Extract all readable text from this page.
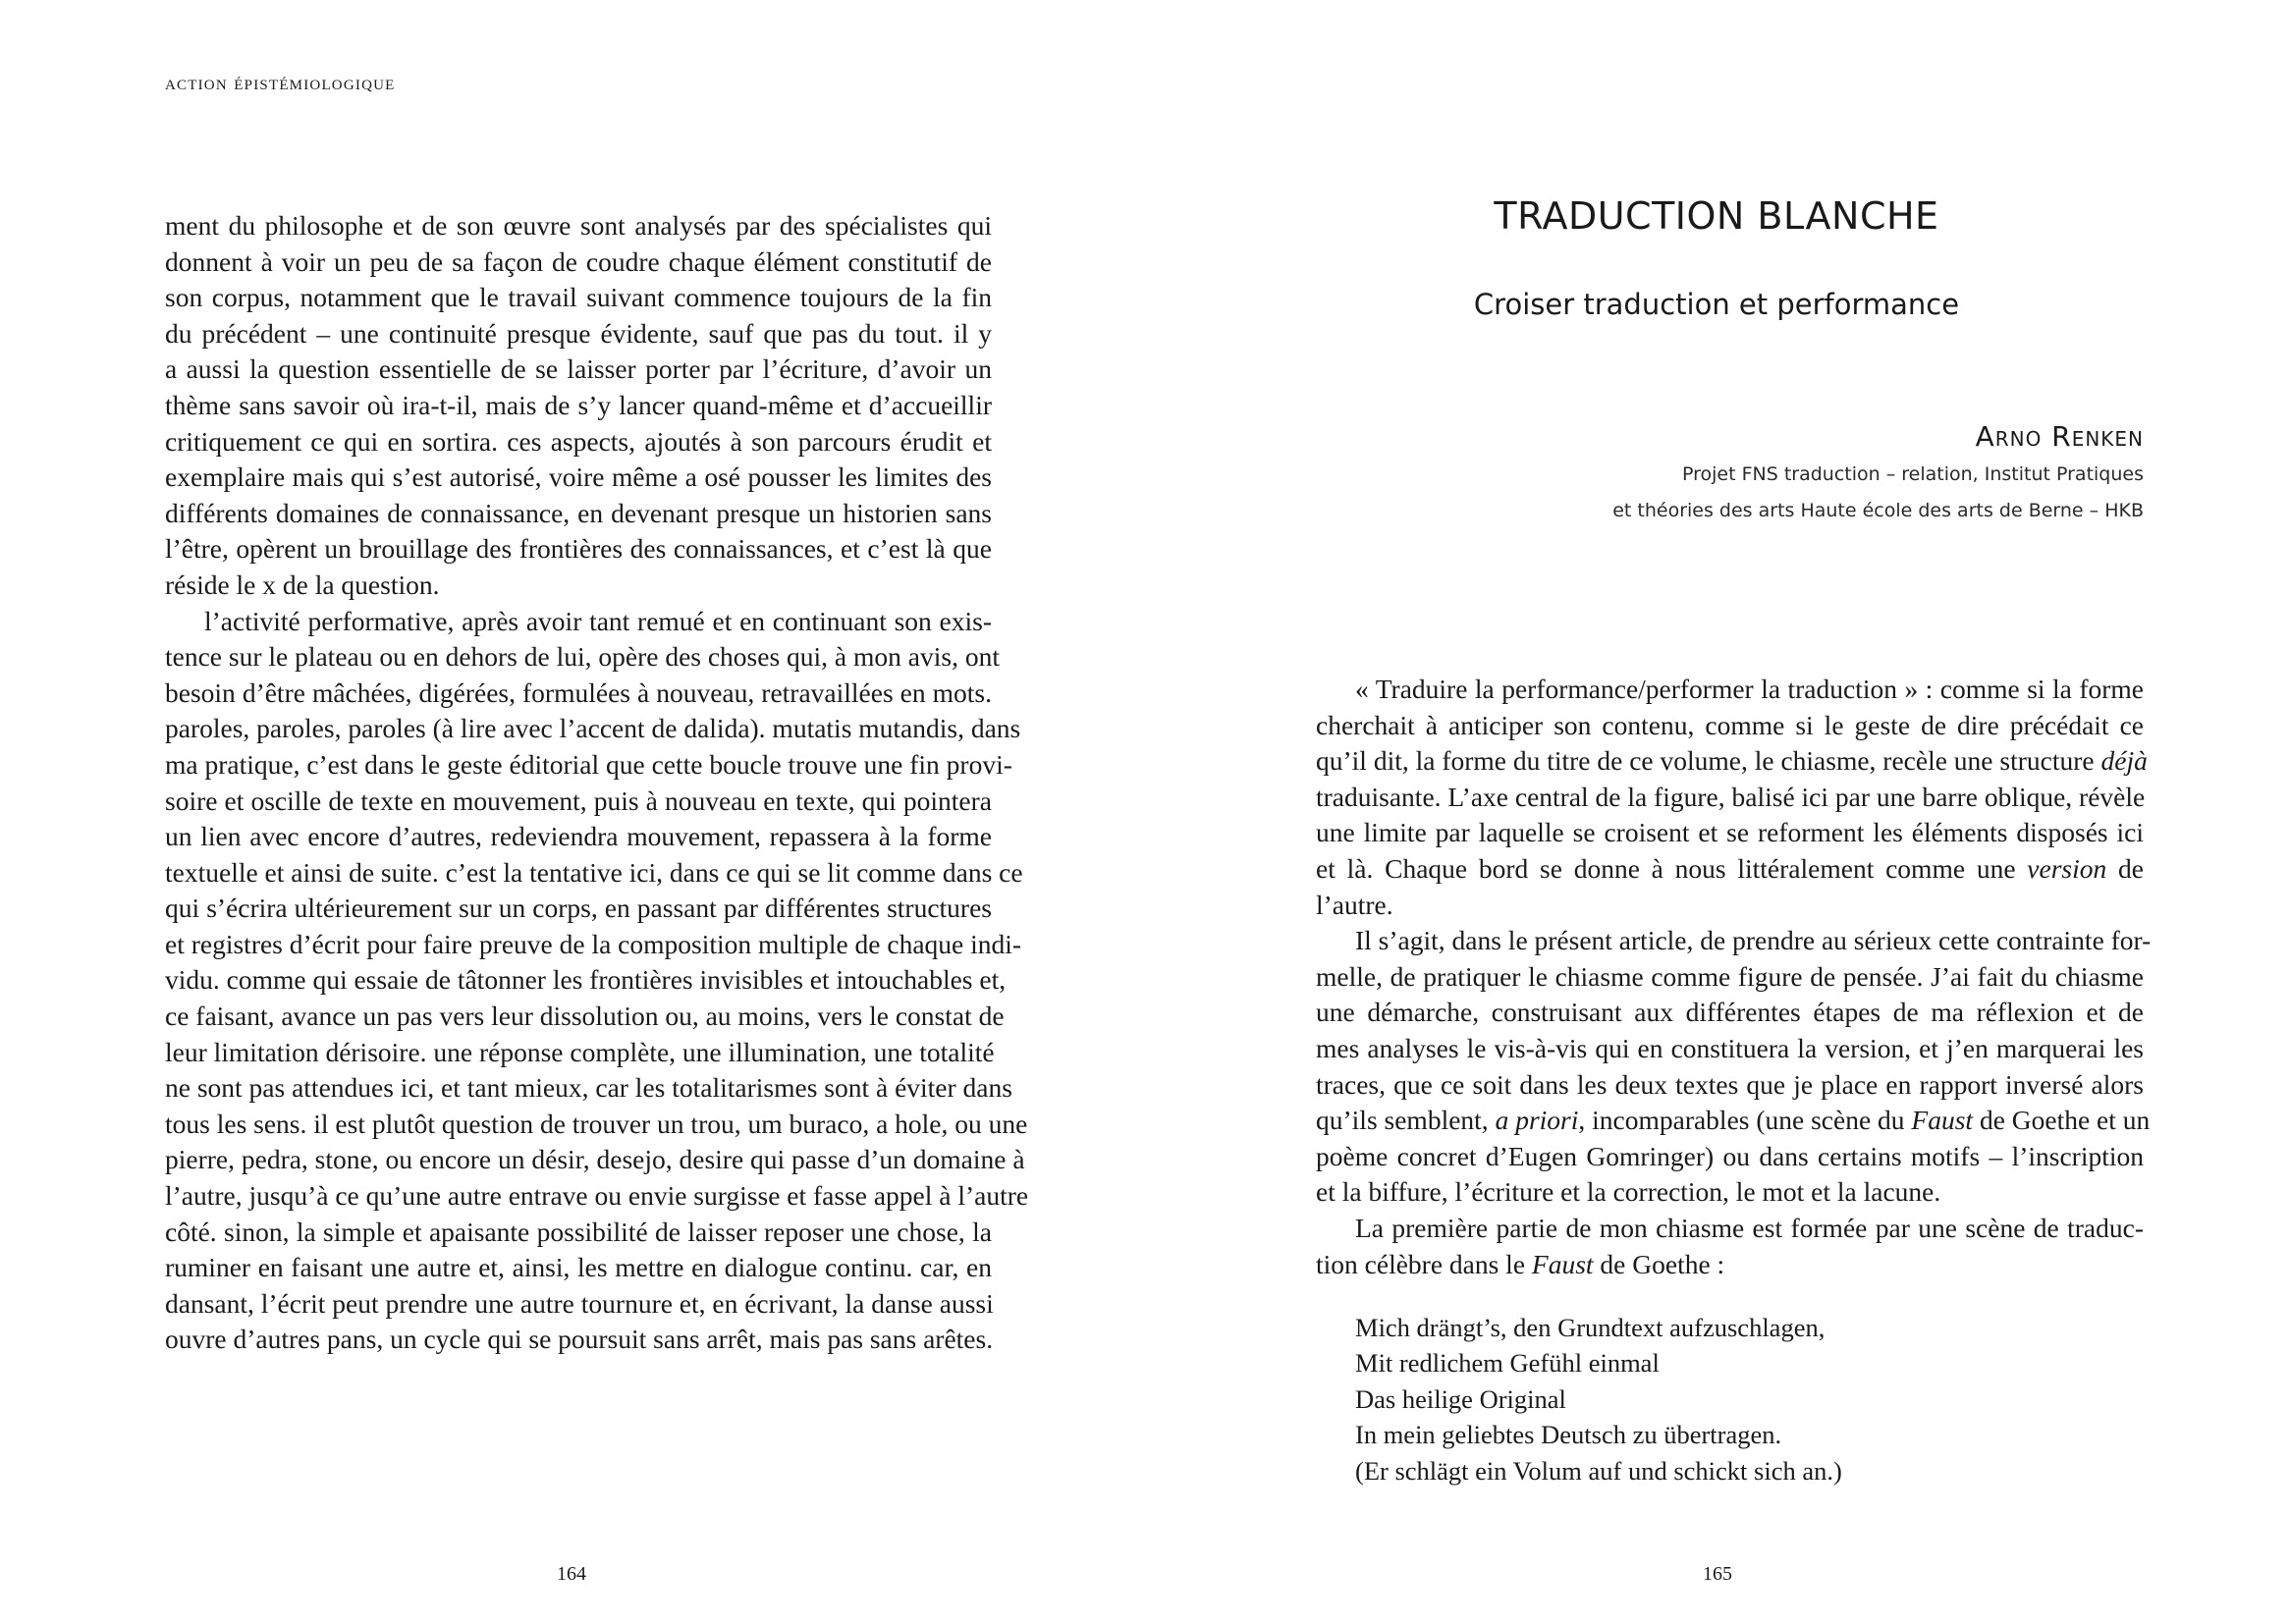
action épistémiologique
ment du philosophe et de son œuvre sont analysés par des spécialistes qui
donnent à voir un peu de sa façon de coudre chaque élément constitutif de
son corpus, notamment que le travail suivant commence toujours de la fin
du précédent – une continuité presque évidente, sauf que pas du tout. il y
a aussi la question essentielle de se laisser porter par l’écriture, d’avoir un
thème sans savoir où ira-t-il, mais de s’y lancer quand-même et d’accueillir
critiquement ce qui en sortira. ces aspects, ajoutés à son parcours érudit et
exemplaire mais qui s’est autorisé, voire même a osé pousser les limites des
différents domaines de connaissance, en devenant presque un historien sans
l’être, opèrent un brouillage des frontières des connaissances, et c’est là que
réside le x de la question.
l’activité performative, après avoir tant remué et en continuant son exis-
tence sur le plateau ou en dehors de lui, opère des choses qui, à mon avis, ont
besoin d’être mâchées, digérées, formulées à nouveau, retravaillées en mots.
paroles, paroles, paroles (à lire avec l’accent de dalida). mutatis mutandis, dans
ma pratique, c’est dans le geste éditorial que cette boucle trouve une fin provi-
soire et oscille de texte en mouvement, puis à nouveau en texte, qui pointera
un lien avec encore d’autres, redeviendra mouvement, repassera à la forme
textuelle et ainsi de suite. c’est la tentative ici, dans ce qui se lit comme dans ce
qui s’écrira ultérieurement sur un corps, en passant par différentes structures
et registres d’écrit pour faire preuve de la composition multiple de chaque indi-
vidu. comme qui essaie de tâtonner les frontières invisibles et intouchables et,
ce faisant, avance un pas vers leur dissolution ou, au moins, vers le constat de
leur limitation dérisoire. une réponse complète, une illumination, une totalité
ne sont pas attendues ici, et tant mieux, car les totalitarismes sont à éviter dans
tous les sens. il est plutôt question de trouver un trou, um buraco, a hole, ou une
pierre, pedra, stone, ou encore un désir, desejo, desire qui passe d’un domaine à
l’autre, jusqu’à ce qu’une autre entrave ou envie surgisse et fasse appel à l’autre
côté. sinon, la simple et apaisante possibilité de laisser reposer une chose, la
ruminer en faisant une autre et, ainsi, les mettre en dialogue continu. car, en
dansant, l’écrit peut prendre une autre tournure et, en écrivant, la danse aussi
ouvre d’autres pans, un cycle qui se poursuit sans arrêt, mais pas sans arêtes.
TRADUCTION BLANCHE
Croiser traduction et performance
Arno Renken
Projet FNS traduction – relation, Institut Pratiques
et théories des arts Haute école des arts de Berne – HKB
« Traduire la performance/performer la traduction » : comme si la forme
cherchait à anticiper son contenu, comme si le geste de dire précédait ce
qu’il dit, la forme du titre de ce volume, le chiasme, recèle une structure déjà
traduisante. L’axe central de la figure, balisé ici par une barre oblique, révèle
une limite par laquelle se croisent et se reforment les éléments disposés ici
et là. Chaque bord se donne à nous littéralement comme une version de
l’autre.
Il s’agit, dans le présent article, de prendre au sérieux cette contrainte for-
melle, de pratiquer le chiasme comme figure de pensée. J’ai fait du chiasme
une démarche, construisant aux différentes étapes de ma réflexion et de
mes analyses le vis-à-vis qui en constituera la version, et j’en marquerai les
traces, que ce soit dans les deux textes que je place en rapport inversé alors
qu’ils semblent, a priori, incomparables (une scène du Faust de Goethe et un
poème concret d’Eugen Gomringer) ou dans certains motifs – l’inscription
et la biffure, l’écriture et la correction, le mot et la lacune.
La première partie de mon chiasme est formée par une scène de traduc-
tion célèbre dans le Faust de Goethe :
Mich drängt’s, den Grundtext aufzuschlagen,
Mit redlichem Gefühl einmal
Das heilige Original
In mein geliebtes Deutsch zu übertragen.
(Er schlägt ein Volum auf und schickt sich an.)
164	165
